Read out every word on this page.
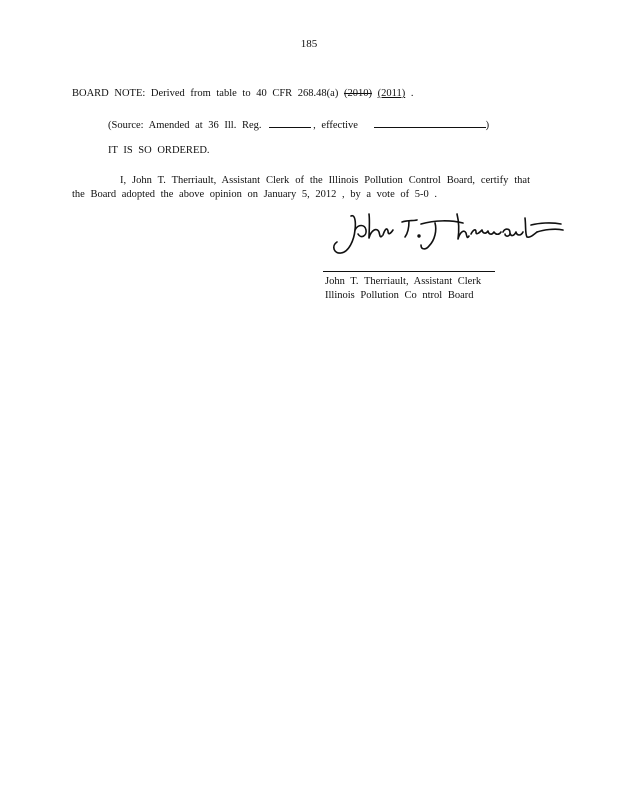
185
BOARD NOTE: Derived from table to 40 CFR 268.48(a) (2010) (2011) .
(Source: Amended at 36 Ill. Reg.	, effective	)
IT IS SO ORDERED.
I, John T. Therriault, Assistant Clerk of the Illinois Pollution Control Board, certify that
the Board adopted the above opinion on January 5, 2012 , by a vote of 5-0 .
John T. Therriault, Assistant Clerk
Illinois Pollution Co ntrol Board
